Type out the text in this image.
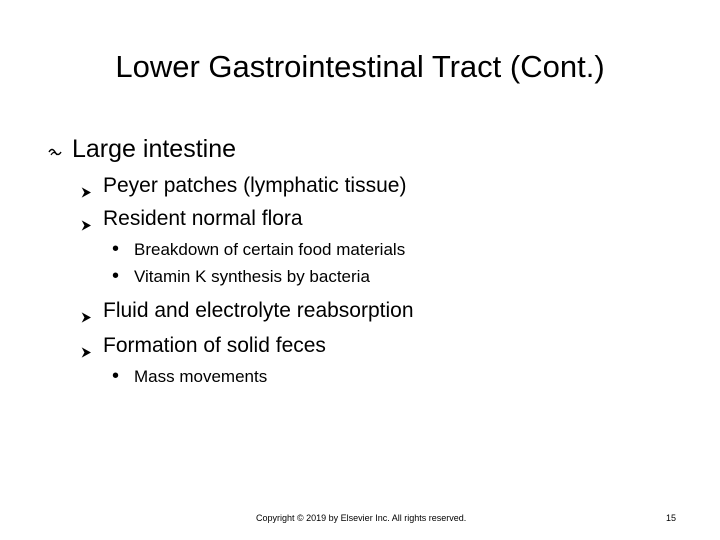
Lower Gastrointestinal Tract (Cont.)
Large intestine
Peyer patches (lymphatic tissue)
Resident normal flora
• Breakdown of certain food materials
• Vitamin K synthesis by bacteria
Fluid and electrolyte reabsorption
Formation of solid feces
• Mass movements
Copyright © 2019 by Elsevier Inc. All rights reserved.	15
